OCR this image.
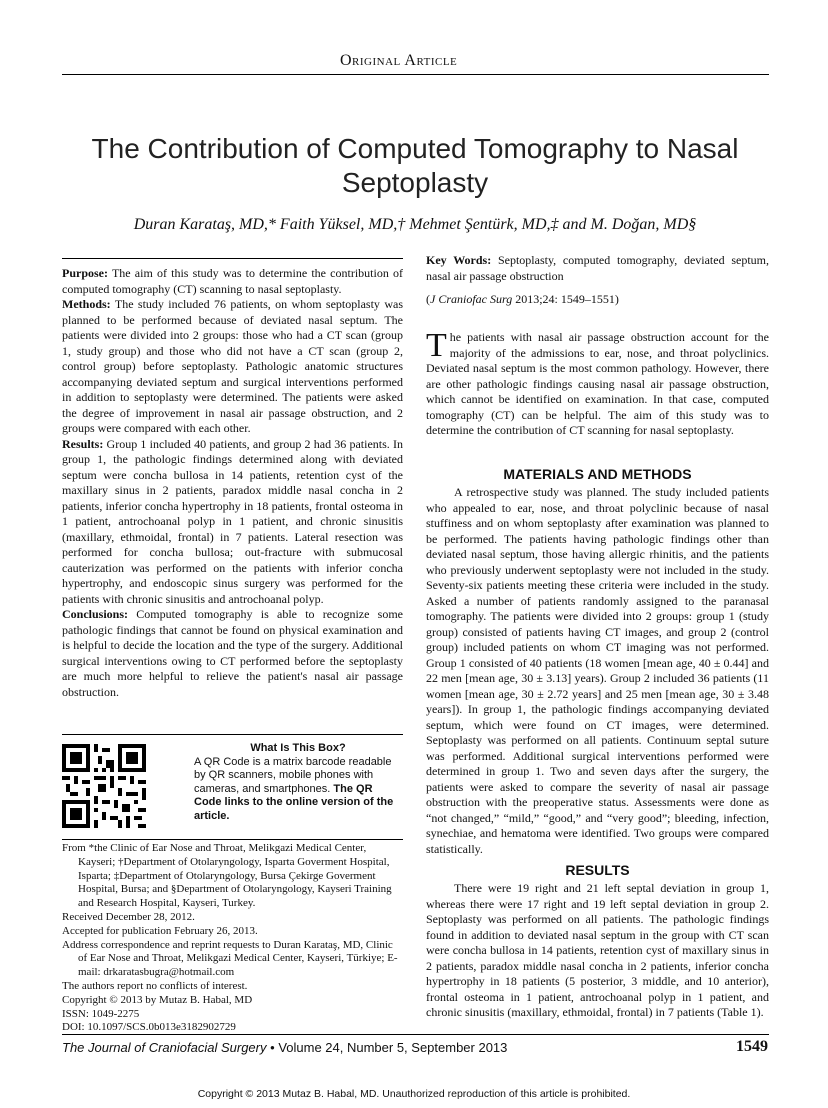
Original Article
The Contribution of Computed Tomography to Nasal Septoplasty
Duran Karataş, MD,* Faith Yüksel, MD,† Mehmet Şentürk, MD,‡ and M. Doğan, MD§

Purpose: The aim of this study was to determine the contribution of computed tomography (CT) scanning to nasal septoplasty.

Methods: The study included 76 patients, on whom septoplasty was planned to be performed because of deviated nasal septum. The patients were divided into 2 groups: those who had a CT scan (group 1, study group) and those who did not have a CT scan (group 2, control group) before septoplasty. Pathologic anatomic structures accompanying deviated septum and surgical interventions performed in addition to septoplasty were determined. The patients were asked the degree of improvement in nasal air passage obstruction, and 2 groups were compared with each other.

Results: Group 1 included 40 patients, and group 2 had 36 patients. In group 1, the pathologic findings determined along with deviated septum were concha bullosa in 14 patients, retention cyst of the maxillary sinus in 2 patients, paradox middle nasal concha in 2 patients, inferior concha hypertrophy in 18 patients, frontal osteoma in 1 patient, antrochoanal polyp in 1 patient, and chronic sinusitis (maxillary, ethmoidal, frontal) in 7 patients. Lateral resection was performed for concha bullosa; out-fracture with submucosal cauterization was performed on the patients with inferior concha hypertrophy, and endoscopic sinus surgery was performed for the patients with chronic sinusitis and antrochoanal polyp.

Conclusions: Computed tomography is able to recognize some pathologic findings that cannot be found on physical examination and is helpful to decide the location and the type of the surgery. Additional surgical interventions owing to CT performed before the septoplasty are much more helpful to relieve the patient's nasal air passage obstruction.

What Is This Box?
A QR Code is a matrix barcode readable by QR scanners, mobile phones with cameras, and smartphones. The QR Code links to the online version of the article.

From *the Clinic of Ear Nose and Throat, Melikgazi Medical Center, Kayseri; †Department of Otolaryngology, Isparta Goverment Hospital, Isparta; ‡Department of Otolaryngology, Bursa Çekirge Goverment Hospital, Bursa; and §Department of Otolaryngology, Kayseri Training and Research Hospital, Kayseri, Turkey.

Received December 28, 2012.

Accepted for publication February 26, 2013.

Address correspondence and reprint requests to Duran Karataş, MD, Clinic of Ear Nose and Throat, Melikgazi Medical Center, Kayseri, Türkiye; E-mail: drkaratasbugra@hotmail.com

The authors report no conflicts of interest.

Copyright © 2013 by Mutaz B. Habal, MD

ISSN: 1049-2275

DOI: 10.1097/SCS.0b013e3182902729

Key Words: Septoplasty, computed tomography, deviated septum, nasal air passage obstruction

(J Craniofac Surg 2013;24: 1549–1551)
The patients with nasal air passage obstruction account for the majority of the admissions to ear, nose, and throat polyclinics. Deviated nasal septum is the most common pathology. However, there are other pathologic findings causing nasal air passage obstruction, which cannot be identified on examination. In that case, computed tomography (CT) can be helpful. The aim of this study was to determine the contribution of CT scanning for nasal septoplasty.
MATERIALS AND METHODS

A retrospective study was planned. The study included patients who appealed to ear, nose, and throat polyclinic because of nasal stuffiness and on whom septoplasty after examination was planned to be performed. The patients having pathologic findings other than deviated nasal septum, those having allergic rhinitis, and the patients who previously underwent septoplasty were not included in the study. Seventy-six patients meeting these criteria were included in the study. Asked a number of patients randomly assigned to the paranasal tomography. The patients were divided into 2 groups: group 1 (study group) consisted of patients having CT images, and group 2 (control group) included patients on whom CT imaging was not performed. Group 1 consisted of 40 patients (18 women [mean age, 40 ± 0.44] and 22 men [mean age, 30 ± 3.13] years). Group 2 included 36 patients (11 women [mean age, 30 ± 2.72 years] and 25 men [mean age, 30 ± 3.48 years]). In group 1, the pathologic findings accompanying deviated septum, which were found on CT images, were determined. Septoplasty was performed on all patients. Continuum septal suture was performed. Additional surgical interventions performed were determined in group 1. Two and seven days after the surgery, the patients were asked to compare the severity of nasal air passage obstruction with the preoperative status. Assessments were done as “not changed,” “mild,” “good,” and “very good”; bleeding, infection, synechiae, and hematoma were identified. Two groups were compared statistically.

RESULTS

There were 19 right and 21 left septal deviation in group 1, whereas there were 17 right and 19 left septal deviation in group 2. Septoplasty was performed on all patients. The pathologic findings found in addition to deviated nasal septum in the group with CT scan were concha bullosa in 14 patients, retention cyst of maxillary sinus in 2 patients, paradox middle nasal concha in 2 patients, inferior concha hypertrophy in 18 patients (5 posterior, 3 middle, and 10 anterior), frontal osteoma in 1 patient, antrochoanal polyp in 1 patient, and chronic sinusitis (maxillary, ethmoidal, frontal) in 7 patients (Table 1).

The Journal of Craniofacial Surgery • Volume 24, Number 5, September 2013	1549
Copyright © 2013 Mutaz B. Habal, MD. Unauthorized reproduction of this article is prohibited.
